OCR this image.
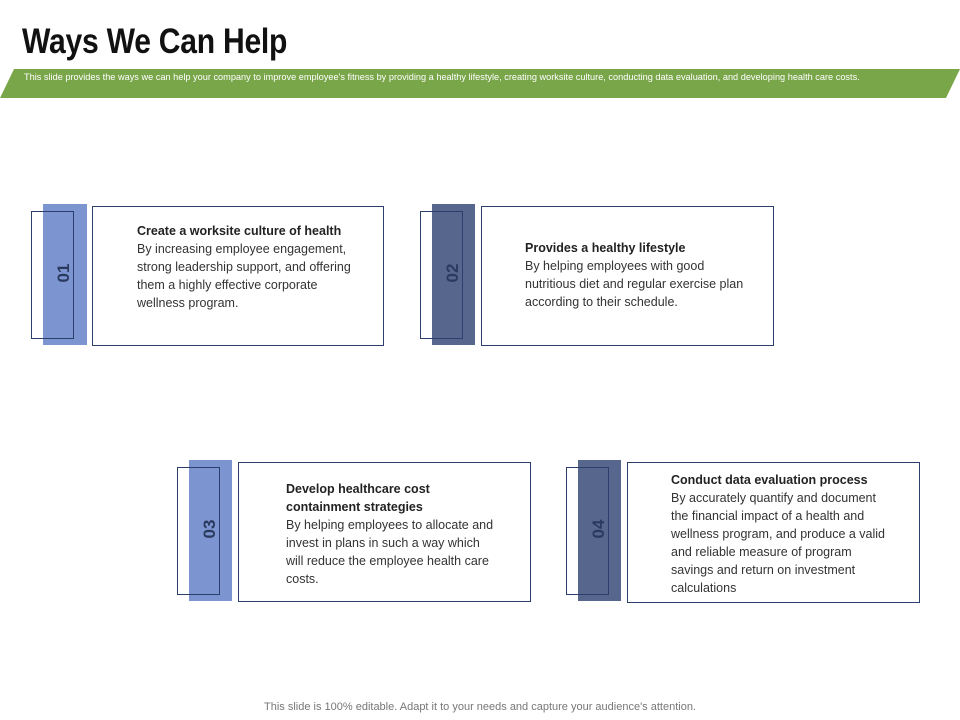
Ways We Can Help
This slide provides the ways we can help your company to improve employee's fitness by providing a healthy lifestyle, creating worksite culture, conducting data evaluation, and developing health care costs.
01
Create a worksite culture of health
By increasing employee engagement, strong leadership support, and offering them a highly effective corporate wellness program.
02
Provides a healthy lifestyle
By helping employees with good nutritious diet and regular exercise plan according to their schedule.
03
Develop healthcare cost containment strategies
By helping employees to allocate and invest in plans in such a way which will reduce the employee health care costs.
04
Conduct data evaluation process
By accurately quantify and document the financial impact of a health and wellness program, and produce a valid and reliable measure of program savings and return on investment calculations
This slide is 100% editable. Adapt it to your needs and capture your audience's attention.
